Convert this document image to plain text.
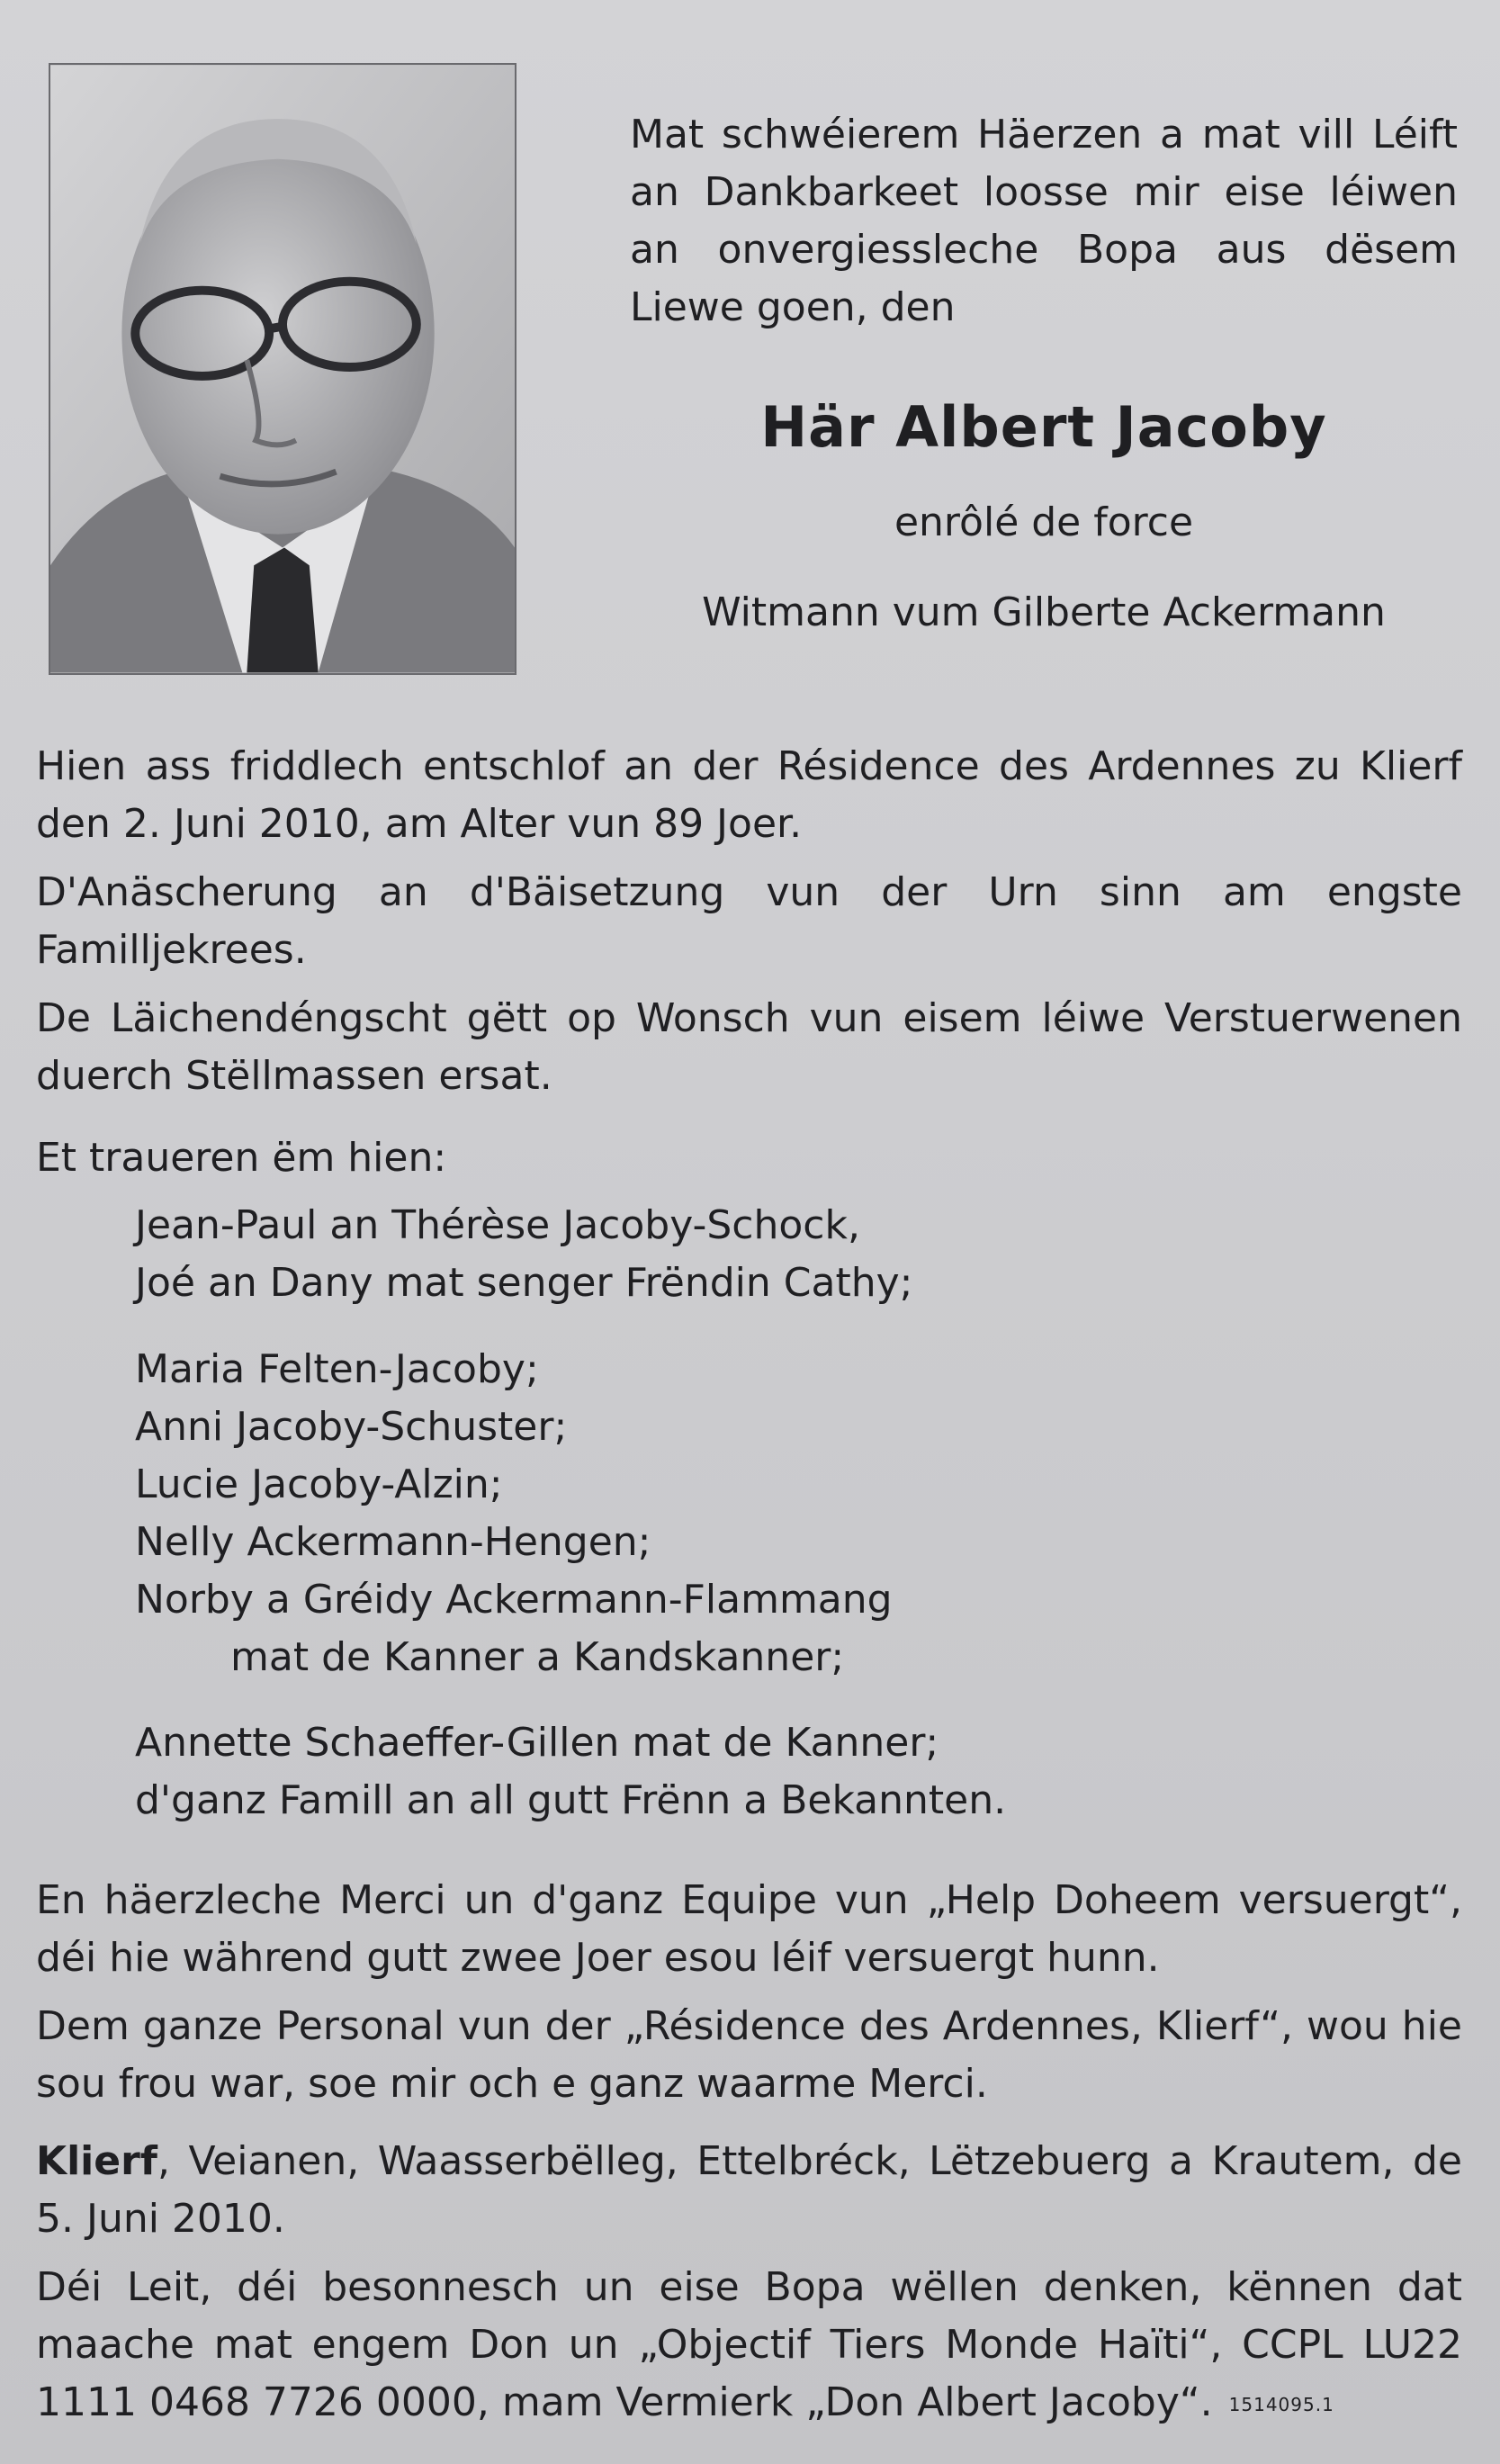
Mat schwéierem Häerzen a mat vill Léift an Dankbarkeet loosse mir eise léiwen an onvergiessleche Bopa aus dësem Liewe goen, den
Här Albert Jacoby
enrôlé de force
Witmann vum Gilberte Ackermann
Hien ass friddlech entschlof an der Résidence des Ardennes zu Klierf den 2. Juni 2010, am Alter vun 89 Joer.
D'Anäscherung an d'Bäisetzung vun der Urn sinn am engste Familljekrees.
De Läichendéngscht gëtt op Wonsch vun eisem léiwe Verstuerwenen duerch Stëllmassen ersat.
Et traueren ëm hien:
Jean-Paul an Thérèse Jacoby-Schock,
Joé an Dany mat senger Frëndin Cathy;
Maria Felten-Jacoby;
Anni Jacoby-Schuster;
Lucie Jacoby-Alzin;
Nelly Ackermann-Hengen;
Norby a Gréidy Ackermann-Flammang
mat de Kanner a Kandskanner;
Annette Schaeffer-Gillen mat de Kanner;
d'ganz Famill an all gutt Frënn a Bekannten.
En häerzleche Merci un d'ganz Equipe vun „Help Doheem versuergt“, déi hie während gutt zwee Joer esou léif versuergt hunn.
Dem ganze Personal vun der „Résidence des Ardennes, Klierf“, wou hie sou frou war, soe mir och e ganz waarme Merci.
Klierf, Veianen, Waasserbëlleg, Ettelbréck, Lëtzebuerg a Krautem, de 5. Juni 2010.
Déi Leit, déi besonnesch un eise Bopa wëllen denken, kënnen dat maache mat engem Don un „Objectif Tiers Monde Haïti“, CCPL LU22 1111 0468 7726 0000, mam Vermierk „Don Albert Jacoby“. 1514095.1
